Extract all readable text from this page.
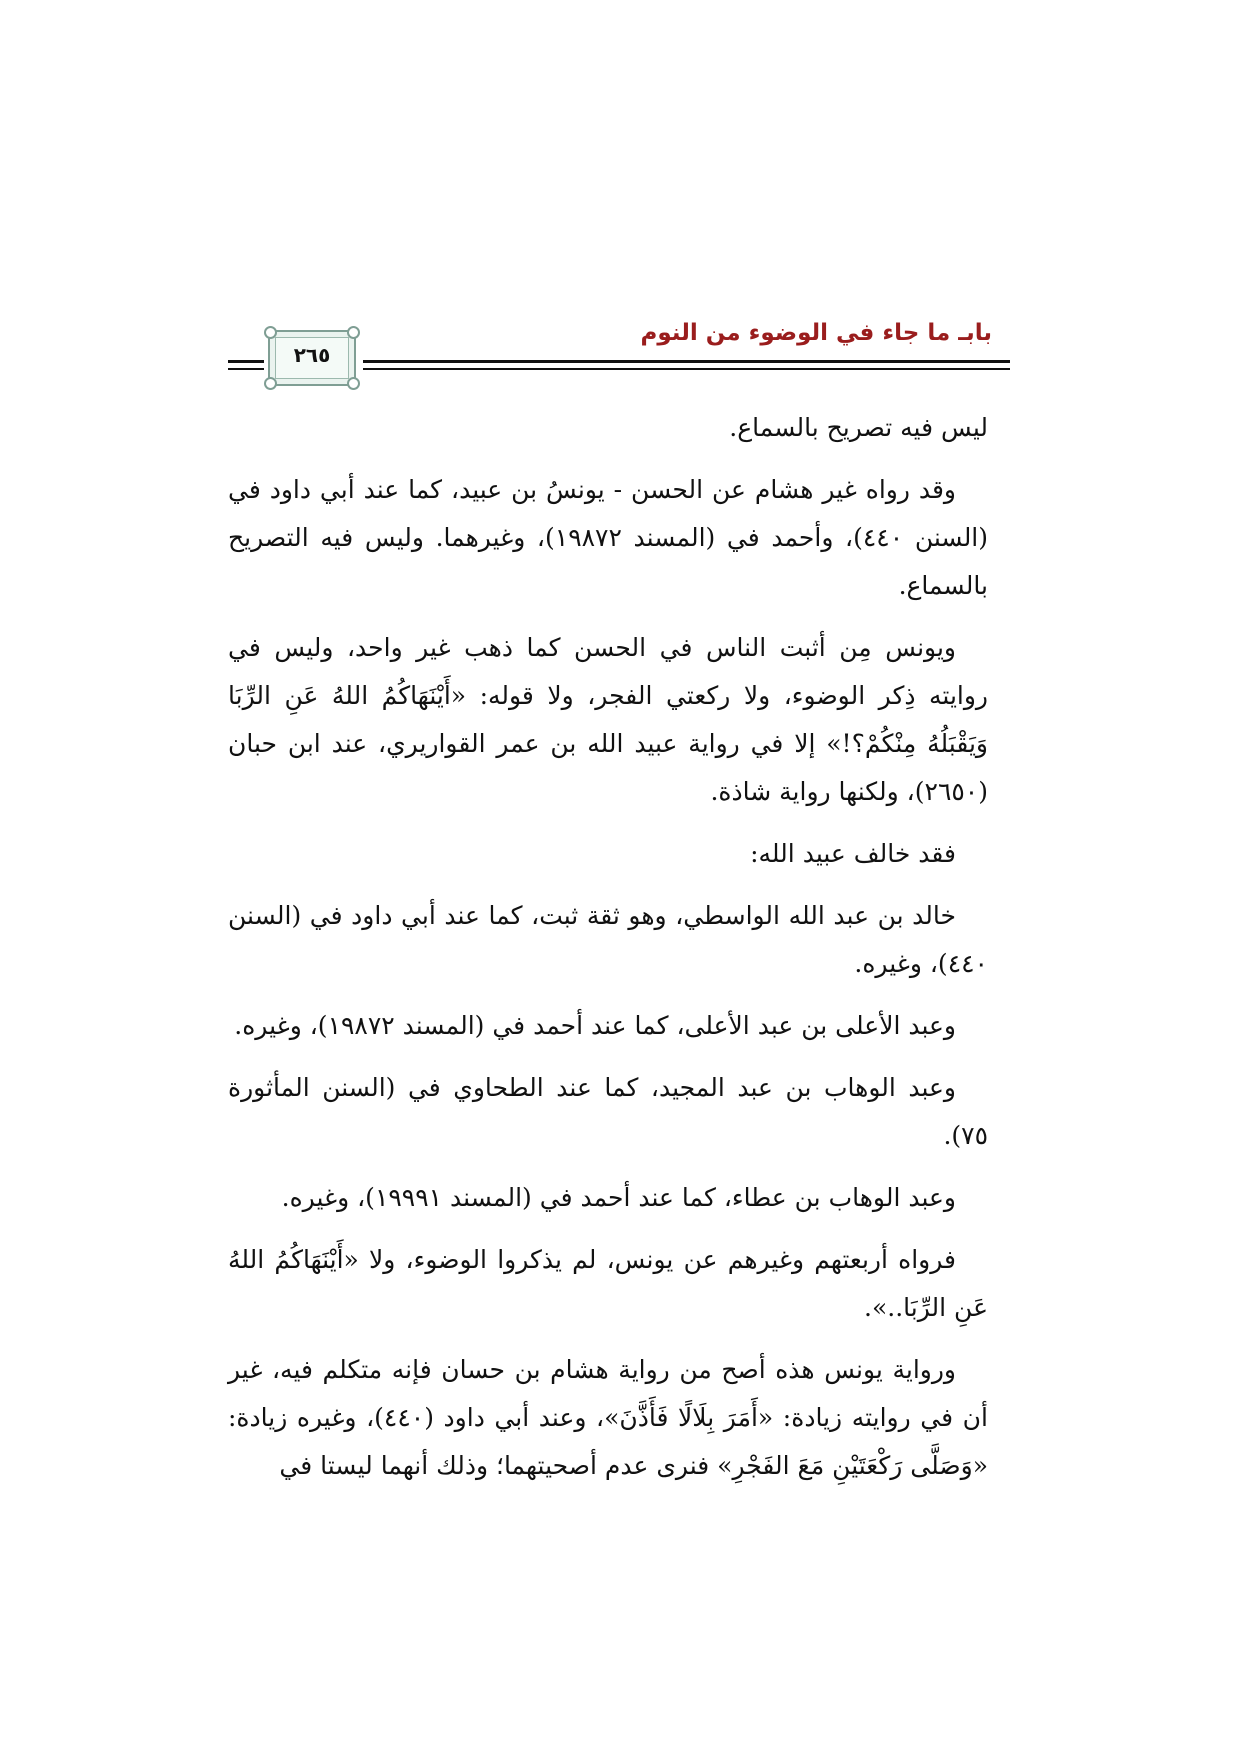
بابـ ما جاء في الوضوء من النوم
٢٦٥

ليس فيه تصريح بالسماع.

وقد رواه غير هشام عن الحسن - يونسُ بن عبيد، كما عند أبي داود في (السنن ٤٤٠)، وأحمد في (المسند ١٩٨٧٢)، وغيرهما. وليس فيه التصريح بالسماع.

ويونس مِن أثبت الناس في الحسن كما ذهب غير واحد، وليس في روايته ذِكر الوضوء، ولا ركعتي الفجر، ولا قوله: «أَيْنَهَاكُمُ اللهُ عَنِ الرِّبَا وَيَقْبَلُهُ مِنْكُمْ؟!» إلا في رواية عبيد الله بن عمر القواريري، عند ابن حبان (٢٦٥٠)، ولكنها رواية شاذة.

فقد خالف عبيد الله:

خالد بن عبد الله الواسطي، وهو ثقة ثبت، كما عند أبي داود في (السنن ٤٤٠)، وغيره.

وعبد الأعلى بن عبد الأعلى، كما عند أحمد في (المسند ١٩٨٧٢)، وغيره.

وعبد الوهاب بن عبد المجيد، كما عند الطحاوي في (السنن المأثورة ٧٥).

وعبد الوهاب بن عطاء، كما عند أحمد في (المسند ١٩٩٩١)، وغيره.

فرواه أربعتهم وغيرهم عن يونس، لم يذكروا الوضوء، ولا «أَيْنَهَاكُمُ اللهُ عَنِ الرِّبَا..».

ورواية يونس هذه أصح من رواية هشام بن حسان فإنه متكلم فيه، غير أن في روايته زيادة: «أَمَرَ بِلَالًا فَأَذَّنَ»، وعند أبي داود (٤٤٠)، وغيره زيادة: «وَصَلَّى رَكْعَتَيْنِ مَعَ الفَجْرِ» فنرى عدم أصحيتهما؛ وذلك أنهما ليستا في
